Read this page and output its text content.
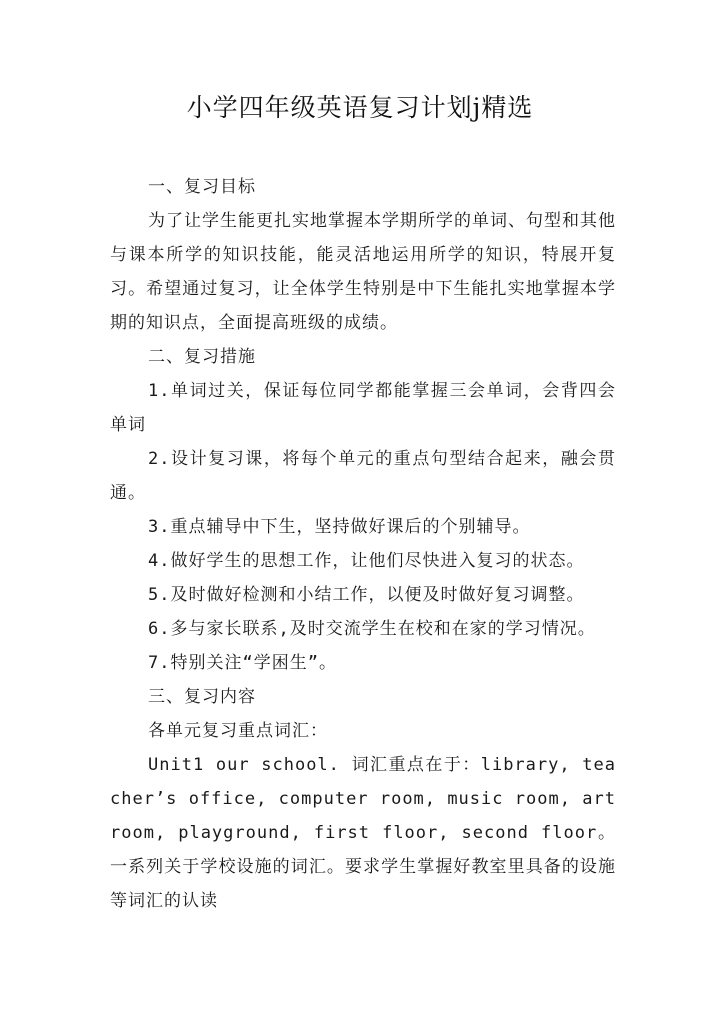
小学四年级英语复习计划j精选

一、复习目标

为了让学生能更扎实地掌握本学期所学的单词、句型和其他与课本所学的知识技能，能灵活地运用所学的知识，特展开复习。希望通过复习，让全体学生特别是中下生能扎实地掌握本学期的知识点，全面提高班级的成绩。

二、复习措施

1.单词过关，保证每位同学都能掌握三会单词，会背四会单词

2.设计复习课，将每个单元的重点句型结合起来，融会贯通。

3.重点辅导中下生，坚持做好课后的个别辅导。

4.做好学生的思想工作，让他们尽快进入复习的状态。

5.及时做好检测和小结工作，以便及时做好复习调整。

6.多与家长联系,及时交流学生在校和在家的学习情况。

7.特别关注“学困生”。

三、复习内容

各单元复习重点词汇：

Unit1 our school. 词汇重点在于：library, teacher’s office, computer room, music room, art room, playground, first floor, second floor。一系列关于学校设施的词汇。要求学生掌握好教室里具备的设施等词汇的认读
